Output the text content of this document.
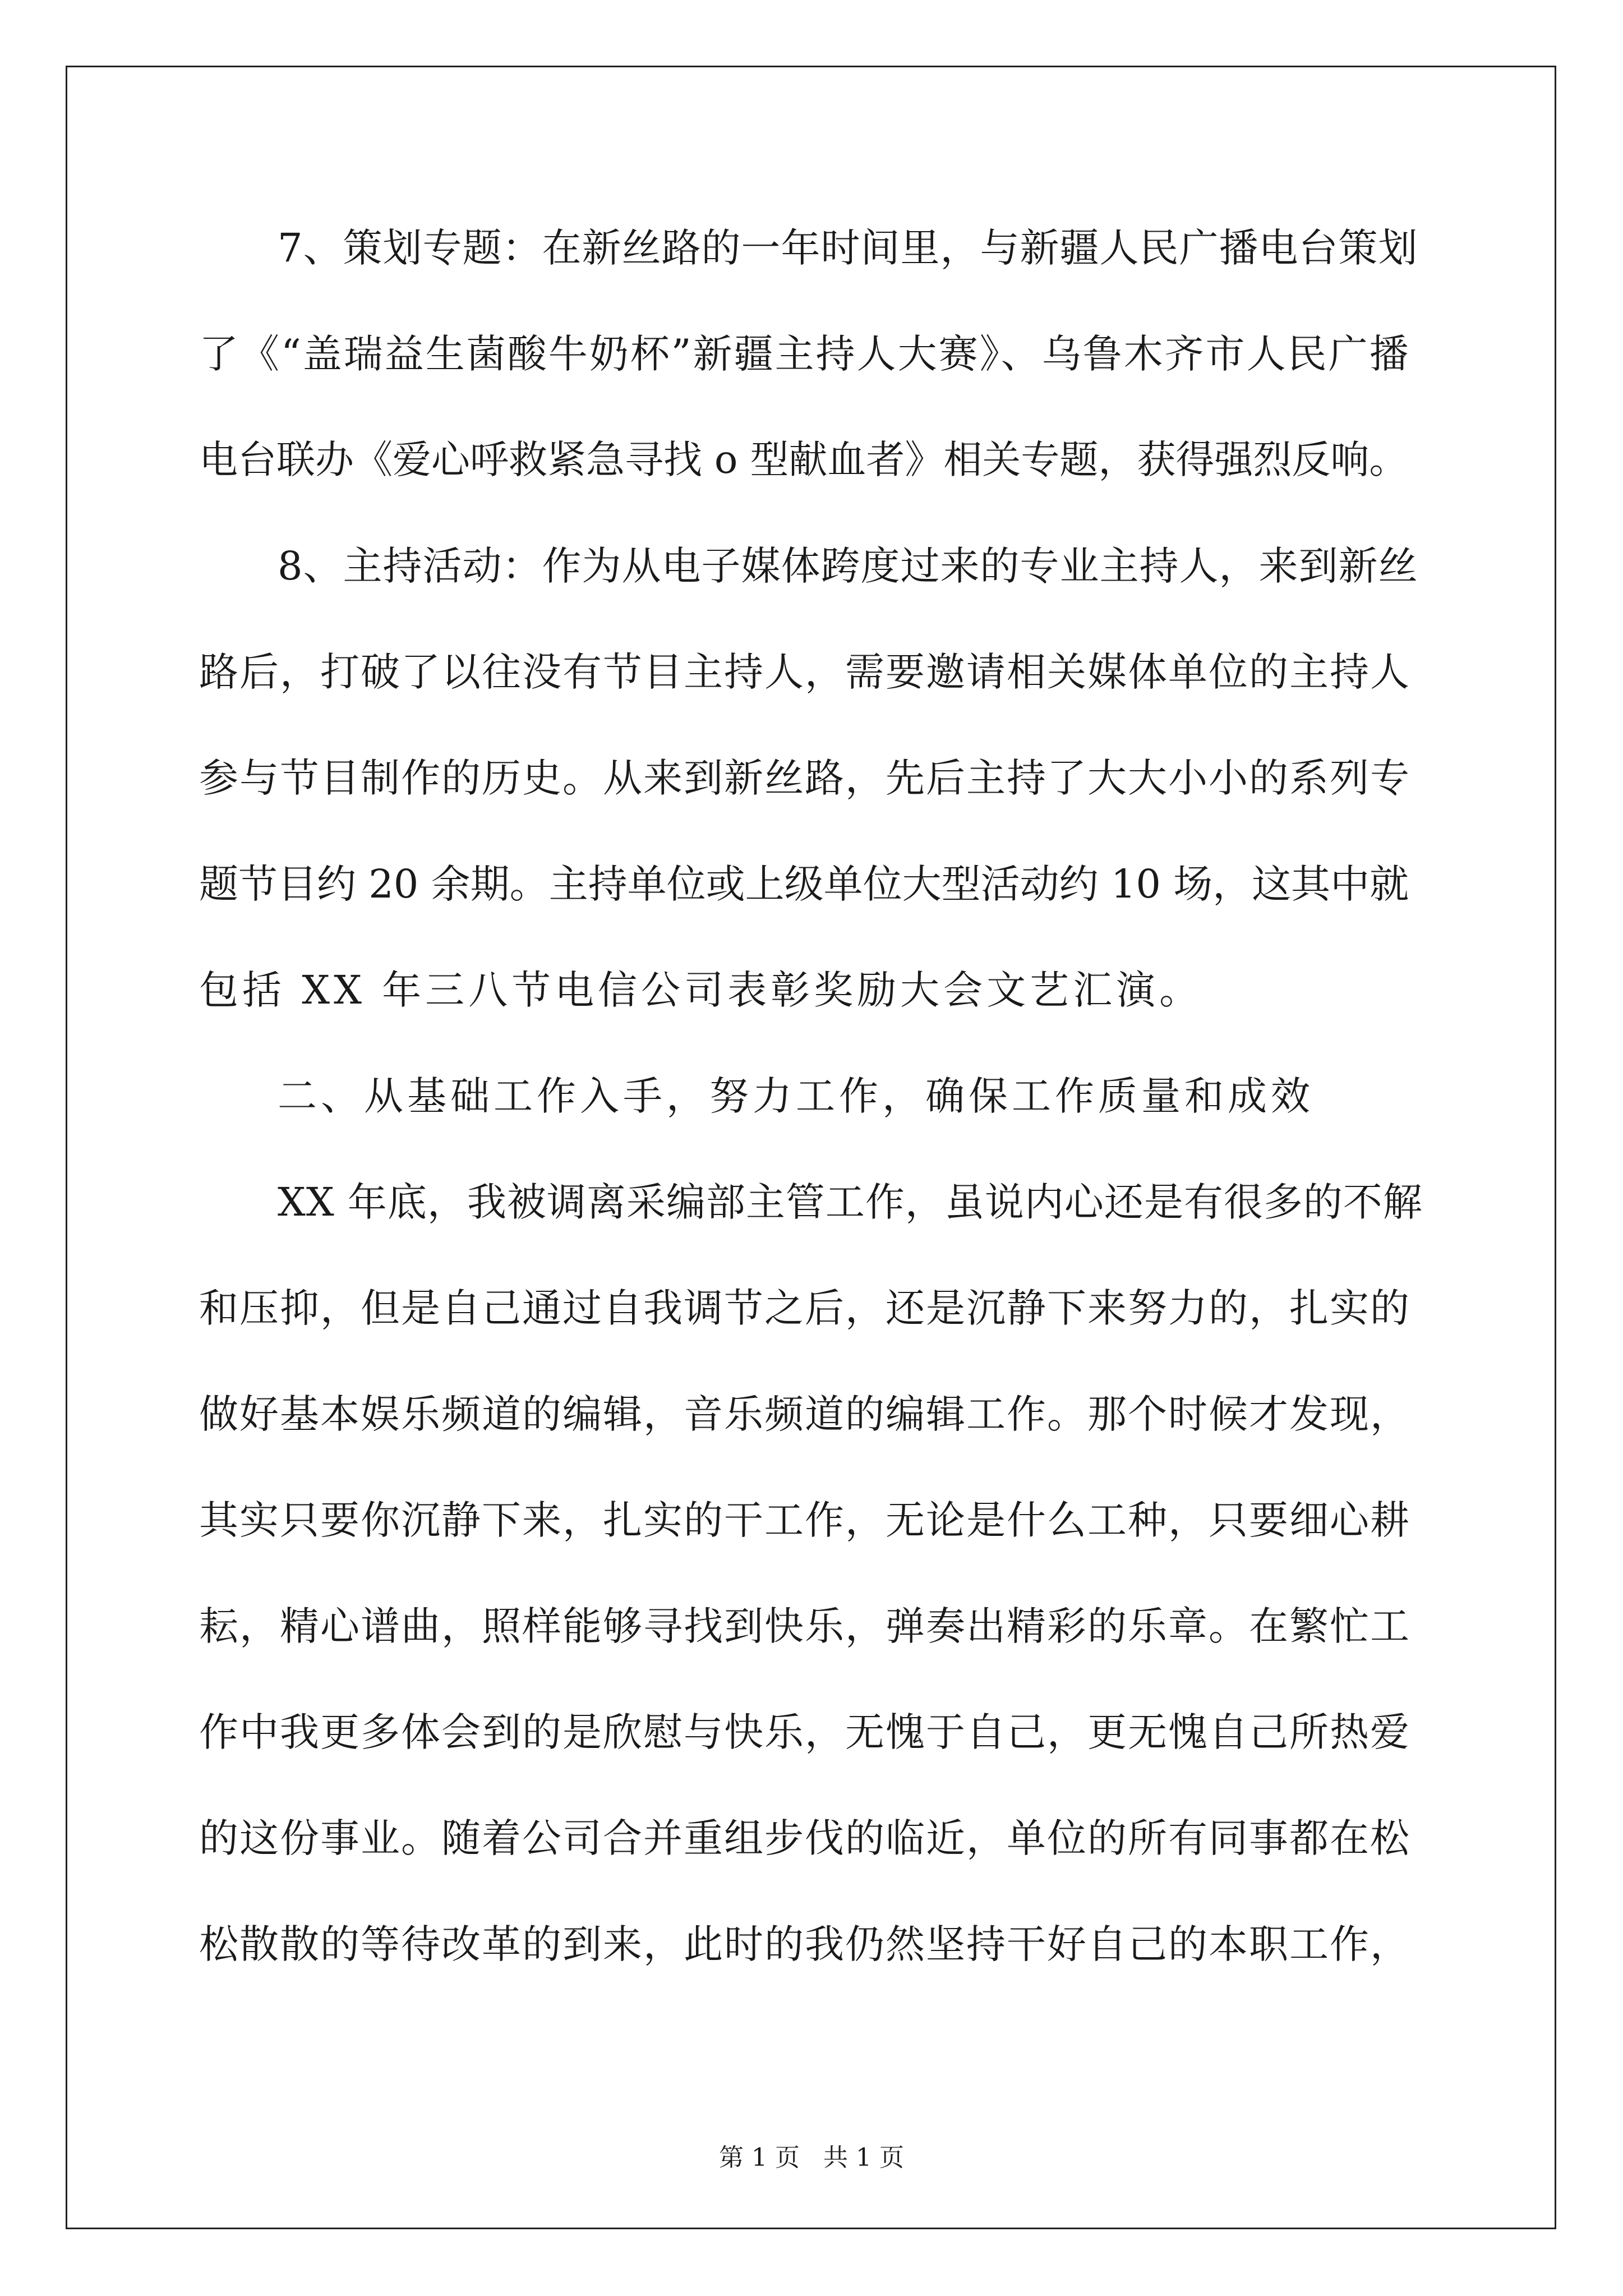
7、策划专题：在新丝路的一年时间里，与新疆人民广播电台策划
了《“盖瑞益生菌酸牛奶杯”新疆主持人大赛》、乌鲁木齐市人民广播
电台联办《爱心呼救紧急寻找 o 型献血者》相关专题，获得强烈反响。
8、主持活动：作为从电子媒体跨度过来的专业主持人，来到新丝
路后，打破了以往没有节目主持人，需要邀请相关媒体单位的主持人
参与节目制作的历史。从来到新丝路，先后主持了大大小小的系列专
题节目约 20 余期。主持单位或上级单位大型活动约 10 场，这其中就
包括 XX 年三八节电信公司表彰奖励大会文艺汇演。
二、从基础工作入手，努力工作，确保工作质量和成效
XX 年底，我被调离采编部主管工作，虽说内心还是有很多的不解
和压抑，但是自己通过自我调节之后，还是沉静下来努力的，扎实的
做好基本娱乐频道的编辑，音乐频道的编辑工作。那个时候才发现，
其实只要你沉静下来，扎实的干工作，无论是什么工种，只要细心耕
耘，精心谱曲，照样能够寻找到快乐，弹奏出精彩的乐章。在繁忙工
作中我更多体会到的是欣慰与快乐，无愧于自己，更无愧自己所热爱
的这份事业。随着公司合并重组步伐的临近，单位的所有同事都在松
松散散的等待改革的到来，此时的我仍然坚持干好自己的本职工作，
第 1 页   共 1 页
